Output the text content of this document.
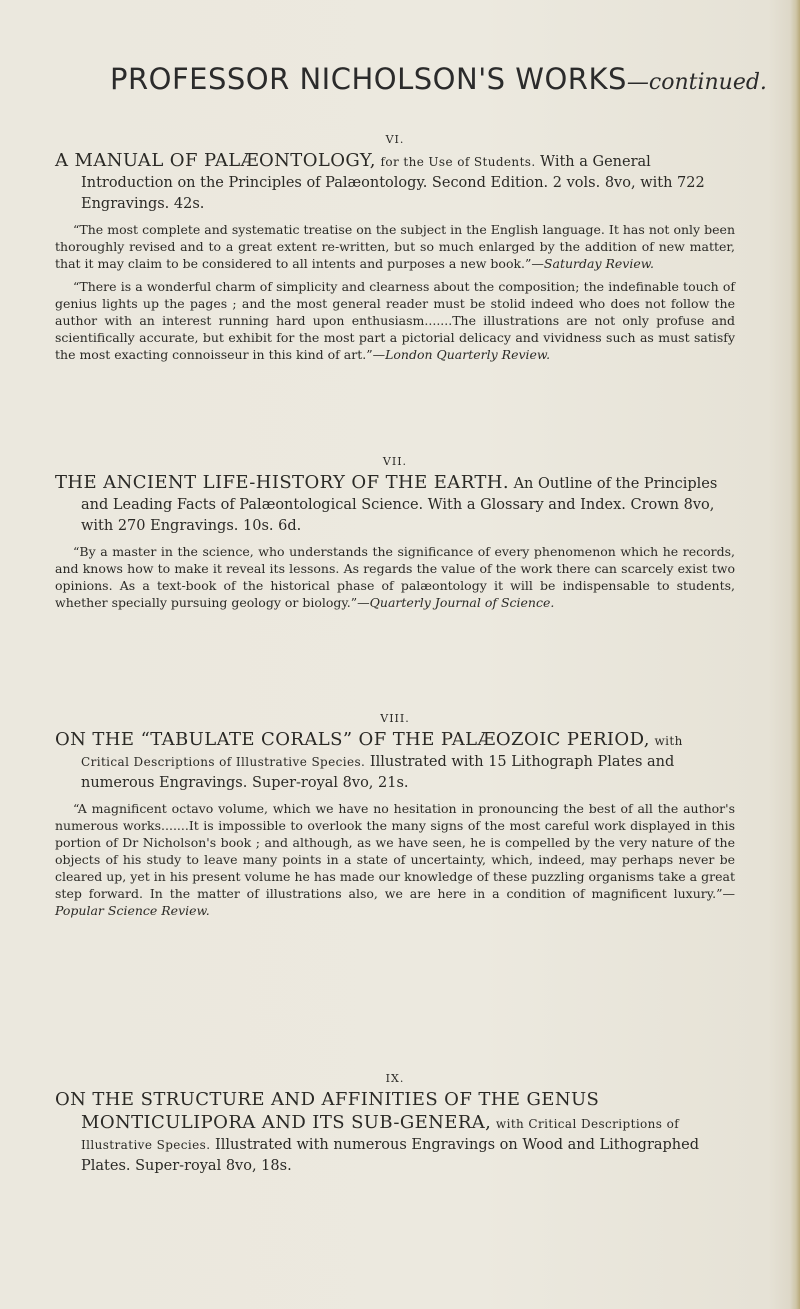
PROFESSOR NICHOLSON'S WORKS—continued.

VI.

A MANUAL OF PALÆONTOLOGY, for the Use of Students. With a General Introduction on the Principles of Palæontology. Second Edition. 2 vols. 8vo, with 722 Engravings. 42s.

“The most complete and systematic treatise on the subject in the English language. It has not only been thoroughly revised and to a great extent re-written, but so much enlarged by the addition of new matter, that it may claim to be considered to all intents and purposes a new book.”—Saturday Review.

“There is a wonderful charm of simplicity and clearness about the composition; the indefinable touch of genius lights up the pages ; and the most general reader must be stolid indeed who does not follow the author with an interest running hard upon enthusiasm.......The illustrations are not only profuse and scientifically accurate, but exhibit for the most part a pictorial delicacy and vividness such as must satisfy the most exacting connoisseur in this kind of art.”—London Quarterly Review.

VII.

THE ANCIENT LIFE-HISTORY OF THE EARTH. An Outline of the Principles and Leading Facts of Palæontological Science. With a Glossary and Index. Crown 8vo, with 270 Engravings. 10s. 6d.

“By a master in the science, who understands the significance of every phenomenon which he records, and knows how to make it reveal its lessons. As regards the value of the work there can scarcely exist two opinions. As a text-book of the historical phase of palæontology it will be indispensable to students, whether specially pursuing geology or biology.”—Quarterly Journal of Science.

VIII.

ON THE “TABULATE CORALS” OF THE PALÆOZOIC PERIOD, with Critical Descriptions of Illustrative Species. Illustrated with 15 Lithograph Plates and numerous Engravings. Super-royal 8vo, 21s.

“A magnificent octavo volume, which we have no hesitation in pronouncing the best of all the author's numerous works.......It is impossible to overlook the many signs of the most careful work displayed in this portion of Dr Nicholson's book ; and although, as we have seen, he is compelled by the very nature of the objects of his study to leave many points in a state of uncertainty, which, indeed, may perhaps never be cleared up, yet in his present volume he has made our knowledge of these puzzling organisms take a great step forward. In the matter of illustrations also, we are here in a condition of magnificent luxury.”—Popular Science Review.

IX.

ON THE STRUCTURE AND AFFINITIES OF THE GENUS MONTICULIPORA AND ITS SUB-GENERA, with Critical Descriptions of Illustrative Species. Illustrated with numerous Engravings on Wood and Lithographed Plates. Super-royal 8vo, 18s.
